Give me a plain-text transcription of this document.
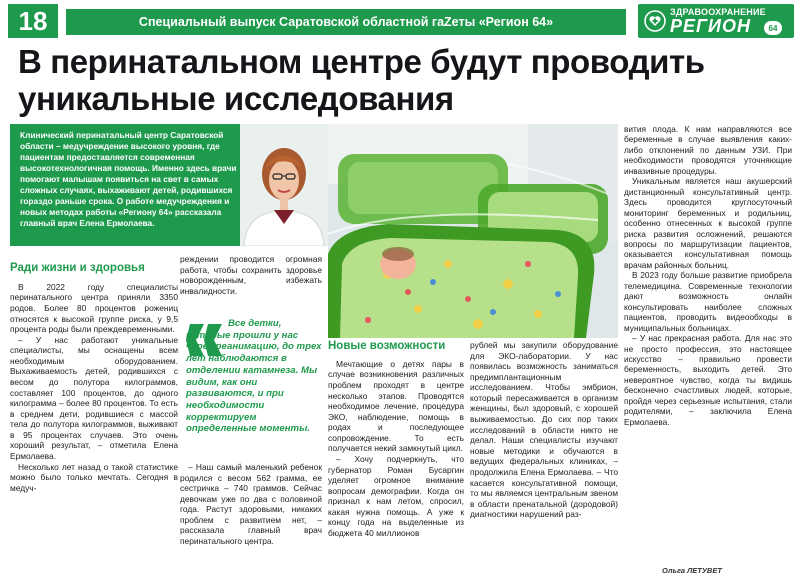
18	Специальный выпуск Саратовской областной гаZеты «Регион 64»
ЗДРАВООХРАНЕНИЕ
РЕГИОН	64
В перинатальном центре будут проводить уникальные исследования
Клинический перинатальный центр Саратовской области – медучреждение высокого уровня, где пациентам предоставляется современная высокотехнологичная помощь. Именно здесь врачи помогают малышам появиться на свет в самых сложных случаях, выхаживают детей, родившихся гораздо раньше срока. О работе медучреждения и новых методах работы «Региону 64» рассказала главный врач Елена Ермолаева.
Ради жизни и здоровья

В 2022 году специалисты перинатального центра приняли 3350 родов. Более 80 процентов рожениц относятся к высокой группе риска, у 9,5 процента роды были преждевременными.

– У нас работают уникальные специалисты, мы оснащены всем необходимым оборудованием. Выхаживаемость детей, родившихся с весом до полутора килограммов, составляет 100 процентов, до одного килограмма – более 80 процентов. То есть в среднем дети, родившиеся с массой тела до полутора килограммов, выживают в 95 процентах случаев. Это очень хороший результат, – отметила Елена Ермолаева.

Несколько лет назад о такой статистике можно было только мечтать. Сегодня в медуч-

реждении проводится огромная работа, чтобы сохранить здоровье новорожденным, избежать инвалидности.

Все детки, которые прошли у нас через реанимацию, до трех лет наблюдаются в отделении катамнеза. Мы видим, как они развиваются, и при необходимости корректируем определенные моменты.

– Наш самый маленький ребенок родился с весом 562 грамма, ее сестричка – 740 граммов. Сейчас девочкам уже по два с половиной года. Растут здоровыми, никаких проблем с развитием нет, – рассказала главный врач перинатального центра.

Новые возможности

Мечтающие о детях пары в случае возникновения различных проблем проходят в центре несколько этапов. Проводятся необходимое лечение, процедура ЭКО, наблюдение, помощь в родах и последующее сопровождение. То есть получается некий замкнутый цикл.

– Хочу подчеркнуть, что губернатор Роман Бусаргин уделяет огромное внимание вопросам демографии. Когда он признал к нам летом, спросил, какая нужна помощь. А уже к концу года на выделенные из бюджета 40 миллионов

рублей мы закупили оборудование для ЭКО-лаборатории. У нас появилась возможность заниматься предимплантационным исследованием. Чтобы эмбрион, который пересаживается в организм женщины, был здоровый, с хорошей выживаемостью. До сих пор таких исследований в области никто не делал. Наши специалисты изучают новые методики и обучаются в ведущих федеральных клиниках, – продолжила Елена Ермолаева. – Что касается консультативной помощи, то мы являемся центральным звеном в области пренатальной (дородовой) диагностики нарушений раз-

вития плода. К нам направляются все беременные в случае выявления каких-либо отклонений по данным УЗИ. При необходимости проводятся уточняющие инвазивные процедуры.

Уникальным является наш акушерский дистанционный консультативный центр. Здесь проводится круглосуточный мониторинг беременных и родильниц, особенно отнесенных к высокой группе риска развития осложнений, решаются вопросы по маршрутизации пациентов, оказывается консультативная помощь врачам районных больниц.

В 2023 году больше развитие приобрела телемедицина. Современные технологии дают возможность онлайн консультировать наиболее сложных пациентов, проводить видеообходы в муниципальных больницах.

– У нас прекрасная работа. Для нас это не просто профессия, это настоящее искусство – правильно провести беременность, выходить детей. Это невероятное чувство, когда ты видишь бесконечно счастливых людей, которые, пройдя через серьезные испытания, стали родителями, – заключила Елена Ермолаева.

Ольга ЛЕТУВЕТ
